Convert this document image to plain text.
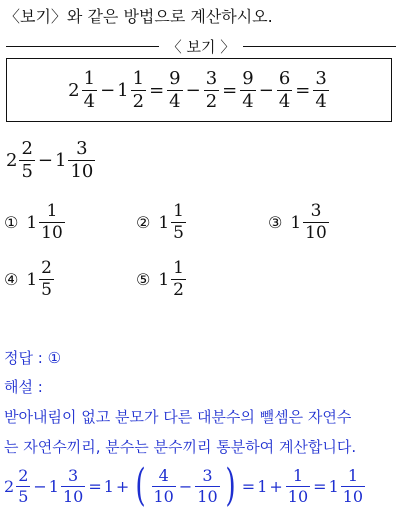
〈보기〉와 같은 방법으로 계산하시오.
〈 보기 〉
2
1
4
− $1 \frac{1}{2} = \frac{9}{4} - \frac{3}{2} = \frac{9}{4} - \frac{6}{4} = \frac{3}{4}$
2
2
5
− 1
3
10
① 1
1
10
② 1
1
5
③ 1
3
10
④ 1
2
5
⑤ 1
1
2
정답 : ①
해설 :
받아내림이 없고 분모가 다른 대분수의 뺄셈은 자연수
는 자연수끼리, 분수는 분수끼리 통분하여 계산합니다.
2
2
5
− $1 \frac{3}{10} = 1$ + ( 4
10
− $\frac{3}{10}$ ) = $1 + \frac{1}{10} = 1$
1
10
